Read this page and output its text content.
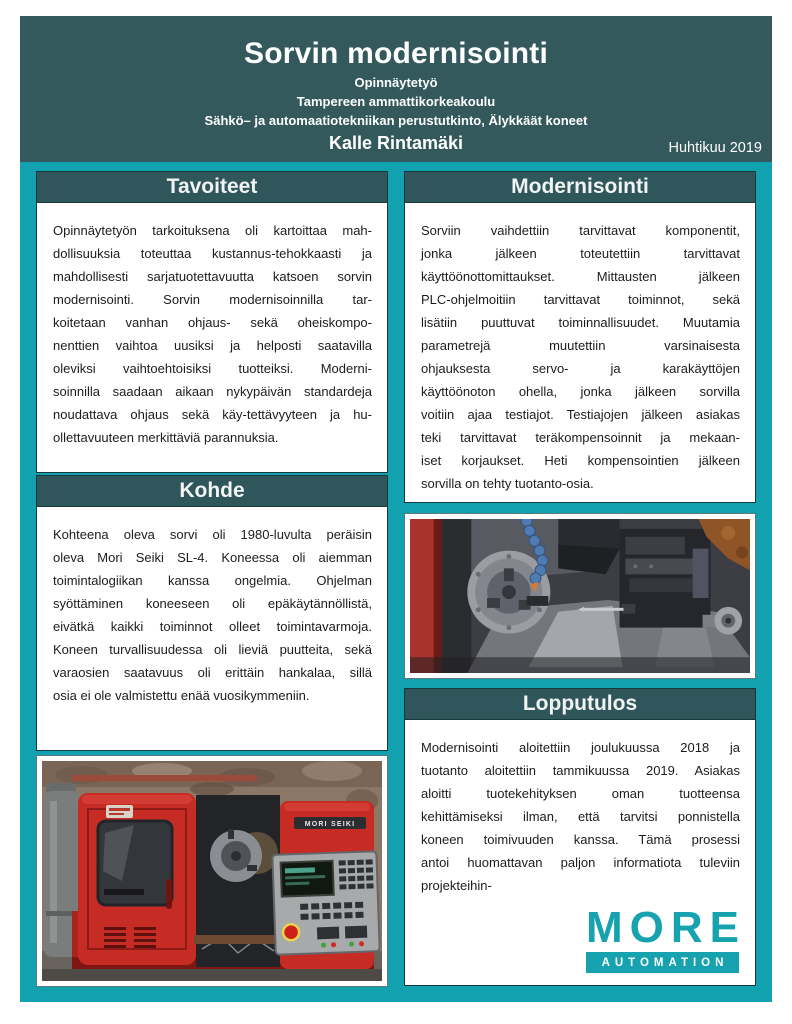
Sorvin modernisointi
Opinnäytetyö
Tampereen ammattikorkeakoulu
Sähkö– ja automaatiotekniikan perustutkinto, Älykkäät koneet
Kalle Rintamäki	Huhtikuu 2019
Tavoiteet
Opinnäytetyön tarkoituksena oli kartoittaa mah-
dollisuuksia toteuttaa kustannus-tehokkaasti ja
mahdollisesti sarjatuotettavuutta katsoen sorvin
modernisointi. Sorvin modernisoinnilla tar-
koitetaan vanhan ohjaus- sekä oheiskompo-
nenttien vaihtoa uusiksi ja helposti saatavilla
oleviksi vaihtoehtoisiksi tuotteiksi. Moderni-
soinnilla saadaan aikaan nykypäivän standardeja
noudattava ohjaus sekä käy-tettävyyteen ja hu-
ollettavuuteen merkittäviä parannuksia.
Kohde
Kohteena oleva sorvi oli 1980-luvulta peräisin
oleva Mori Seiki SL-4. Koneessa oli aiemman
toimintalogiikan kanssa ongelmia. Ohjelman
syöttäminen koneeseen oli epäkäytännöllistä,
eivätkä kaikki toiminnot olleet toimintavarmoja.
Koneen turvallisuudessa oli lieviä puutteita, sekä
varaosien saatavuus oli erittäin hankalaa, sillä
osia ei ole valmistettu enää vuosikymmeniin.
MORI SEIKI
Modernisointi
Sorviin vaihdettiin tarvittavat komponentit,
jonka jälkeen toteutettiin tarvittavat
käyttöönottomittaukset. Mittausten jälkeen
PLC-ohjelmoitiin tarvittavat toiminnot, sekä
lisätiin puuttuvat toiminnallisuudet. Muutamia
parametrejä muutettiin varsinaisesta
ohjauksesta servo- ja karakäyttöjen
käyttöönoton ohella, jonka jälkeen sorvilla
voitiin ajaa testiajot. Testiajojen jälkeen asiakas
teki tarvittavat teräkompensoinnit ja mekaan-
iset korjaukset. Heti kompensointien jälkeen
sorvilla on tehty tuotanto-osia.
Lopputulos
Modernisointi aloitettiin joulukuussa 2018 ja
tuotanto aloitettiin tammikuussa 2019. Asiakas
aloitti tuotekehityksen oman tuotteensa
kehittämiseksi ilman, että tarvitsi ponnistella
koneen toimivuuden kanssa. Tämä prosessi
antoi huomattavan paljon informatiota tuleviin
projekteihin-
MORE
AUTOMATION
